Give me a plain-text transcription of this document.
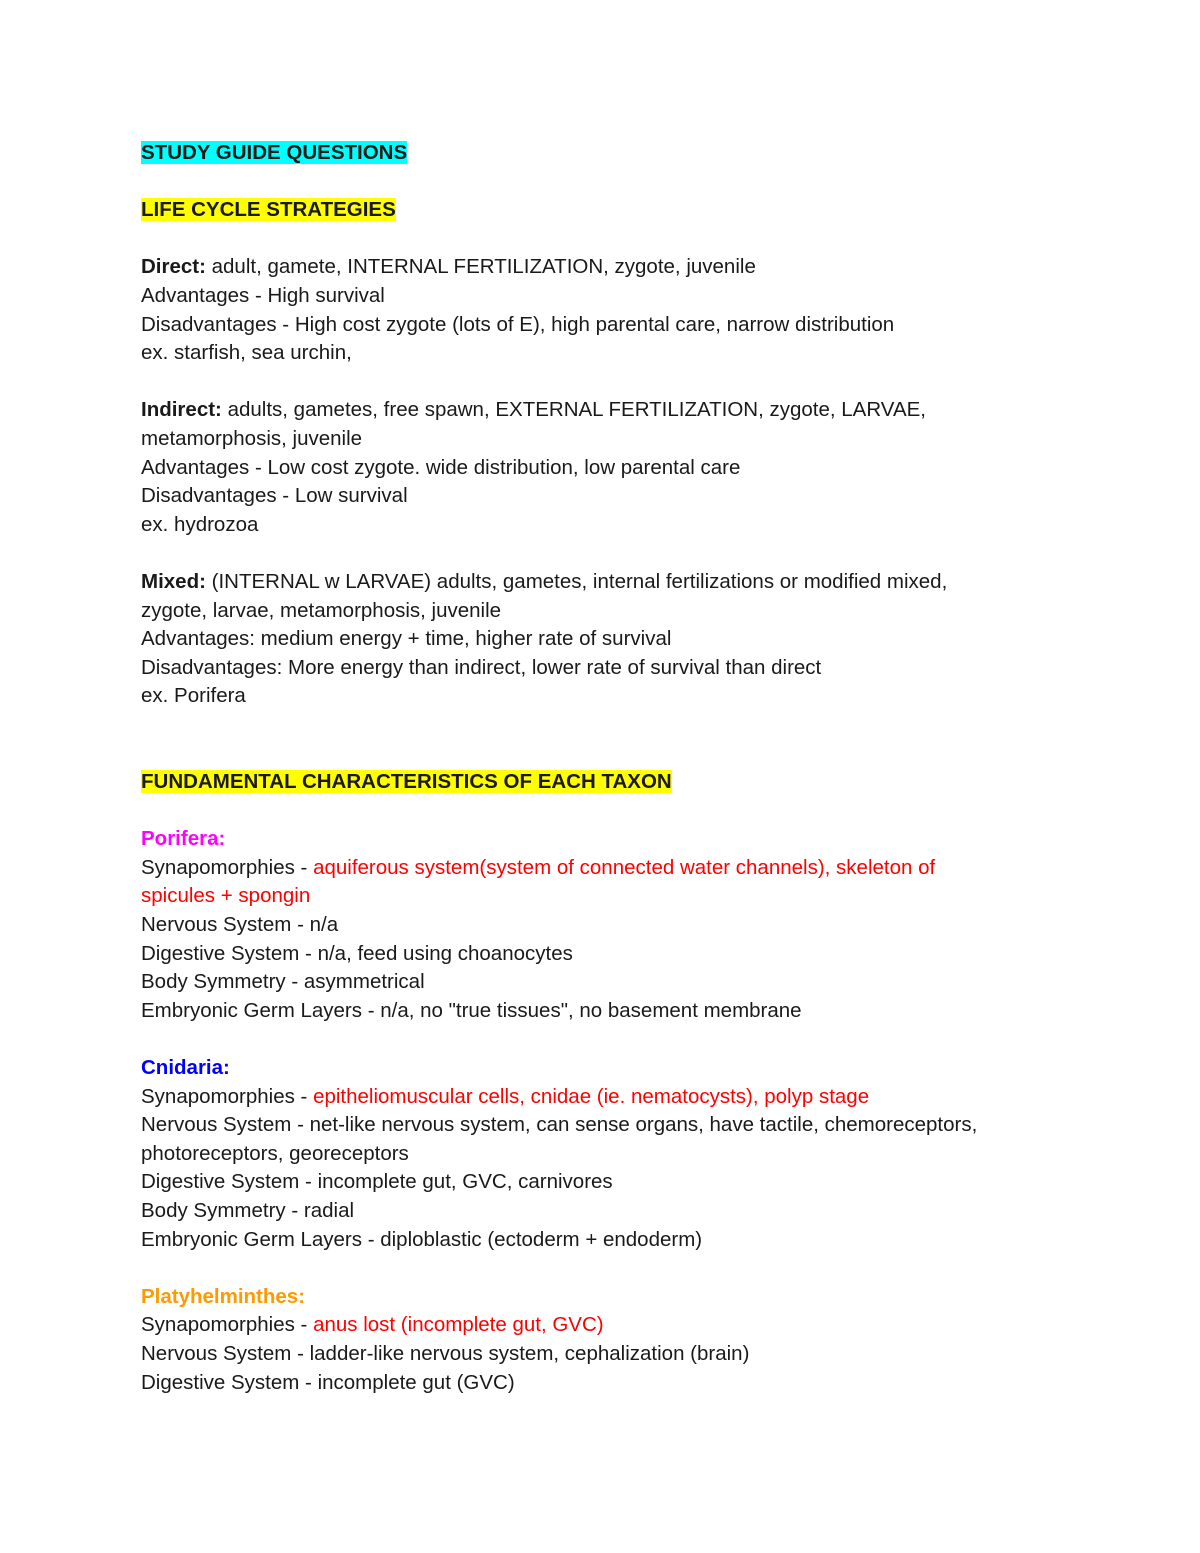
STUDY GUIDE QUESTIONS
LIFE CYCLE STRATEGIES
Direct: adult, gamete, INTERNAL FERTILIZATION, zygote, juvenile
Advantages - High survival
Disadvantages - High cost zygote (lots of E), high parental care, narrow distribution
ex. starfish, sea urchin,
Indirect: adults, gametes, free spawn, EXTERNAL FERTILIZATION, zygote, LARVAE,
metamorphosis, juvenile
Advantages - Low cost zygote. wide distribution, low parental care
Disadvantages - Low survival
ex. hydrozoa
Mixed: (INTERNAL w LARVAE) adults, gametes, internal fertilizations or modified mixed,
zygote, larvae, metamorphosis, juvenile
Advantages: medium energy + time, higher rate of survival
Disadvantages: More energy than indirect, lower rate of survival than direct
ex. Porifera
FUNDAMENTAL CHARACTERISTICS OF EACH TAXON
Porifera:
Synapomorphies - aquiferous system(system of connected water channels), skeleton of
spicules + spongin
Nervous System - n/a
Digestive System - n/a, feed using choanocytes
Body Symmetry - asymmetrical
Embryonic Germ Layers - n/a, no "true tissues", no basement membrane
Cnidaria:
Synapomorphies - epitheliomuscular cells, cnidae (ie. nematocysts), polyp stage
Nervous System - net-like nervous system, can sense organs, have tactile, chemoreceptors,
photoreceptors, georeceptors
Digestive System - incomplete gut, GVC, carnivores
Body Symmetry - radial
Embryonic Germ Layers - diploblastic (ectoderm + endoderm)
Platyhelminthes:
Synapomorphies - anus lost (incomplete gut, GVC)
Nervous System - ladder-like nervous system, cephalization (brain)
Digestive System - incomplete gut (GVC)
